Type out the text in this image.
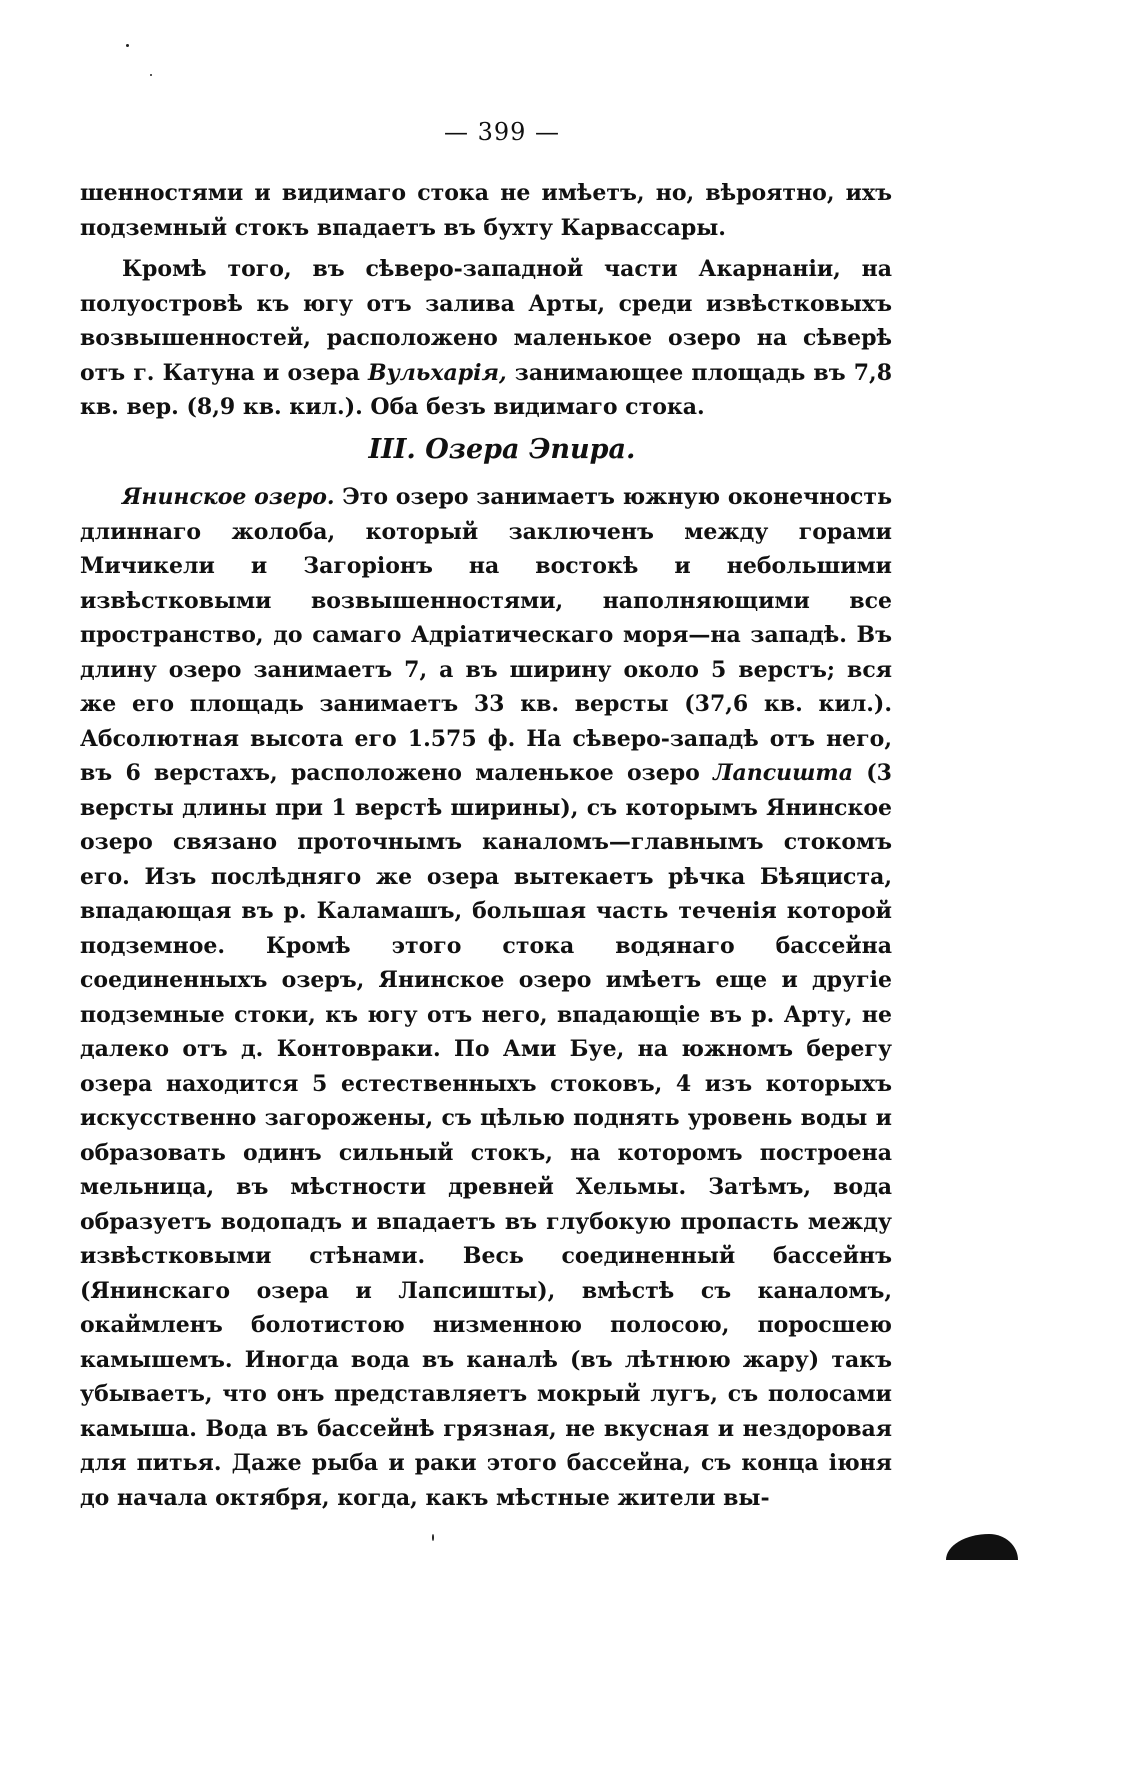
— 399 —

шенностями и видимаго стока не имѣетъ, но, вѣроятно, ихъ подземный стокъ впадаетъ въ бухту Карвассары.

Кромѣ того, въ сѣверо-западной части Акарнаніи, на полуостровѣ къ югу отъ залива Арты, среди извѣстковыхъ возвышенностей, расположено маленькое озеро на сѣверѣ отъ г. Катуна и озера Вульхарія, занимающее площадь въ 7,8 кв. вер. (8,9 кв. кил.). Оба безъ видимаго стока.

III. Озера Эпира.

Янинское озеро. Это озеро занимаетъ южную оконечность длиннаго жолоба, который заключенъ между горами Мичикели и Загоріонъ на востокѣ и небольшими извѣстковыми возвышенностями, наполняющими все пространство, до самаго Адріатическаго моря—на западѣ. Въ длину озеро занимаетъ 7, а въ ширину около 5 верстъ; вся же его площадь занимаетъ 33 кв. версты (37,6 кв. кил.). Абсолютная высота его 1.575 ф. На сѣверо-западѣ отъ него, въ 6 верстахъ, расположено маленькое озеро Лапсишта (3 версты длины при 1 верстѣ ширины), съ которымъ Янинское озеро связано проточнымъ каналомъ—главнымъ стокомъ его. Изъ послѣдняго же озера вытекаетъ рѣчка Бѣяциста, впадающая въ р. Каламашъ, большая часть теченія которой подземное. Кромѣ этого стока водянаго бассейна соединенныхъ озеръ, Янинское озеро имѣетъ еще и другіе подземные стоки, къ югу отъ него, впадающіе въ р. Арту, не далеко отъ д. Контовраки. По Ами Буе, на южномъ берегу озера находится 5 естественныхъ стоковъ, 4 изъ которыхъ искусственно загорожены, съ цѣлью поднять уровень воды и образовать одинъ сильный стокъ, на которомъ построена мельница, въ мѣстности древней Хельмы. Затѣмъ, вода образуетъ водопадъ и впадаетъ въ глубокую пропасть между извѣстковыми стѣнами. Весь соединенный бассейнъ (Янинскаго озера и Лапсишты), вмѣстѣ съ каналомъ, окаймленъ болотистою низменною полосою, поросшею камышемъ. Иногда вода въ каналѣ (въ лѣтнюю жару) такъ убываетъ, что онъ представляетъ мокрый лугъ, съ полосами камыша. Вода въ бассейнѣ грязная, не вкусная и нездоровая для питья. Даже рыба и раки этого бассейна, съ конца іюня до начала октября, когда, какъ мѣстные жители вы-
